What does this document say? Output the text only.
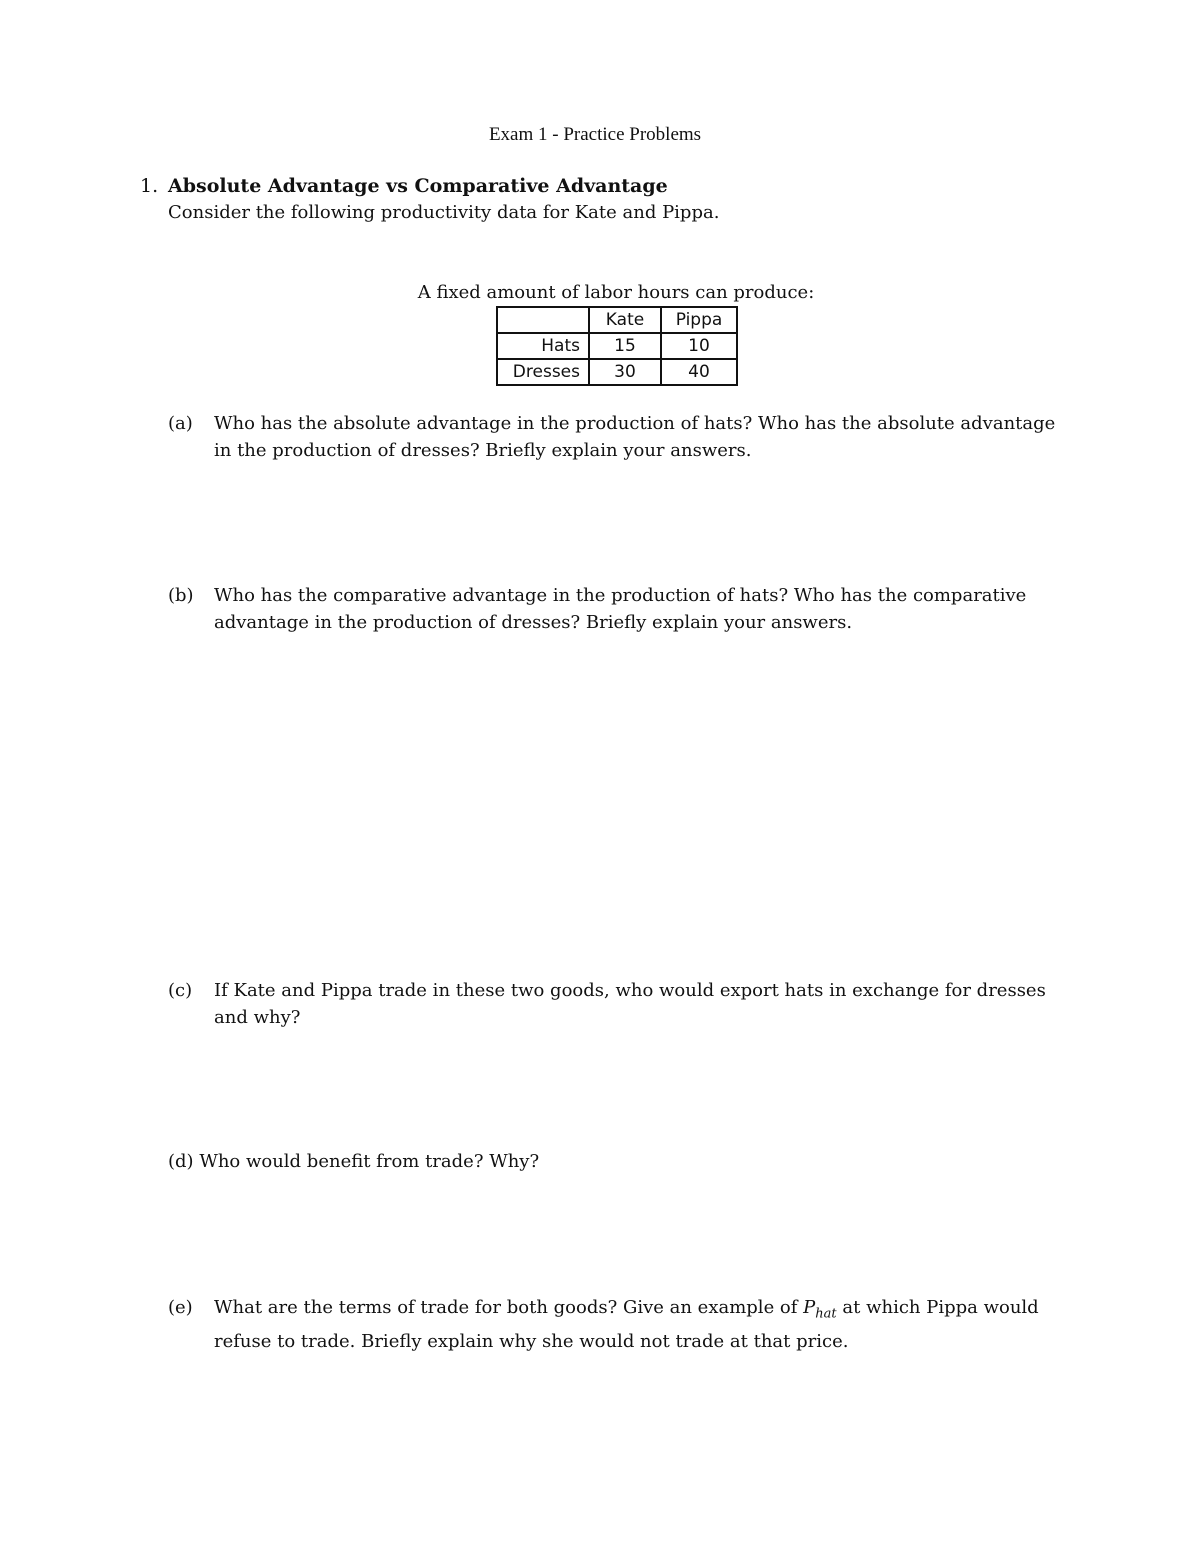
Exam 1 - Practice Problems
1. Absolute Advantage vs Comparative Advantage
Consider the following productivity data for Kate and Pippa.
A fixed amount of labor hours can produce:
	Kate	Pippa
Hats	15	10
Dresses	30	40
(a) Who has the absolute advantage in the production of hats? Who has the absolute advantage in the production of dresses? Briefly explain your answers.
(b) Who has the comparative advantage in the production of hats? Who has the comparative advantage in the production of dresses? Briefly explain your answers.
(c) If Kate and Pippa trade in these two goods, who would export hats in exchange for dresses and why?
(d) Who would benefit from trade? Why?
(e) What are the terms of trade for both goods? Give an example of $P_{hat}$ at which Pippa would refuse to trade. Briefly explain why she would not trade at that price.
